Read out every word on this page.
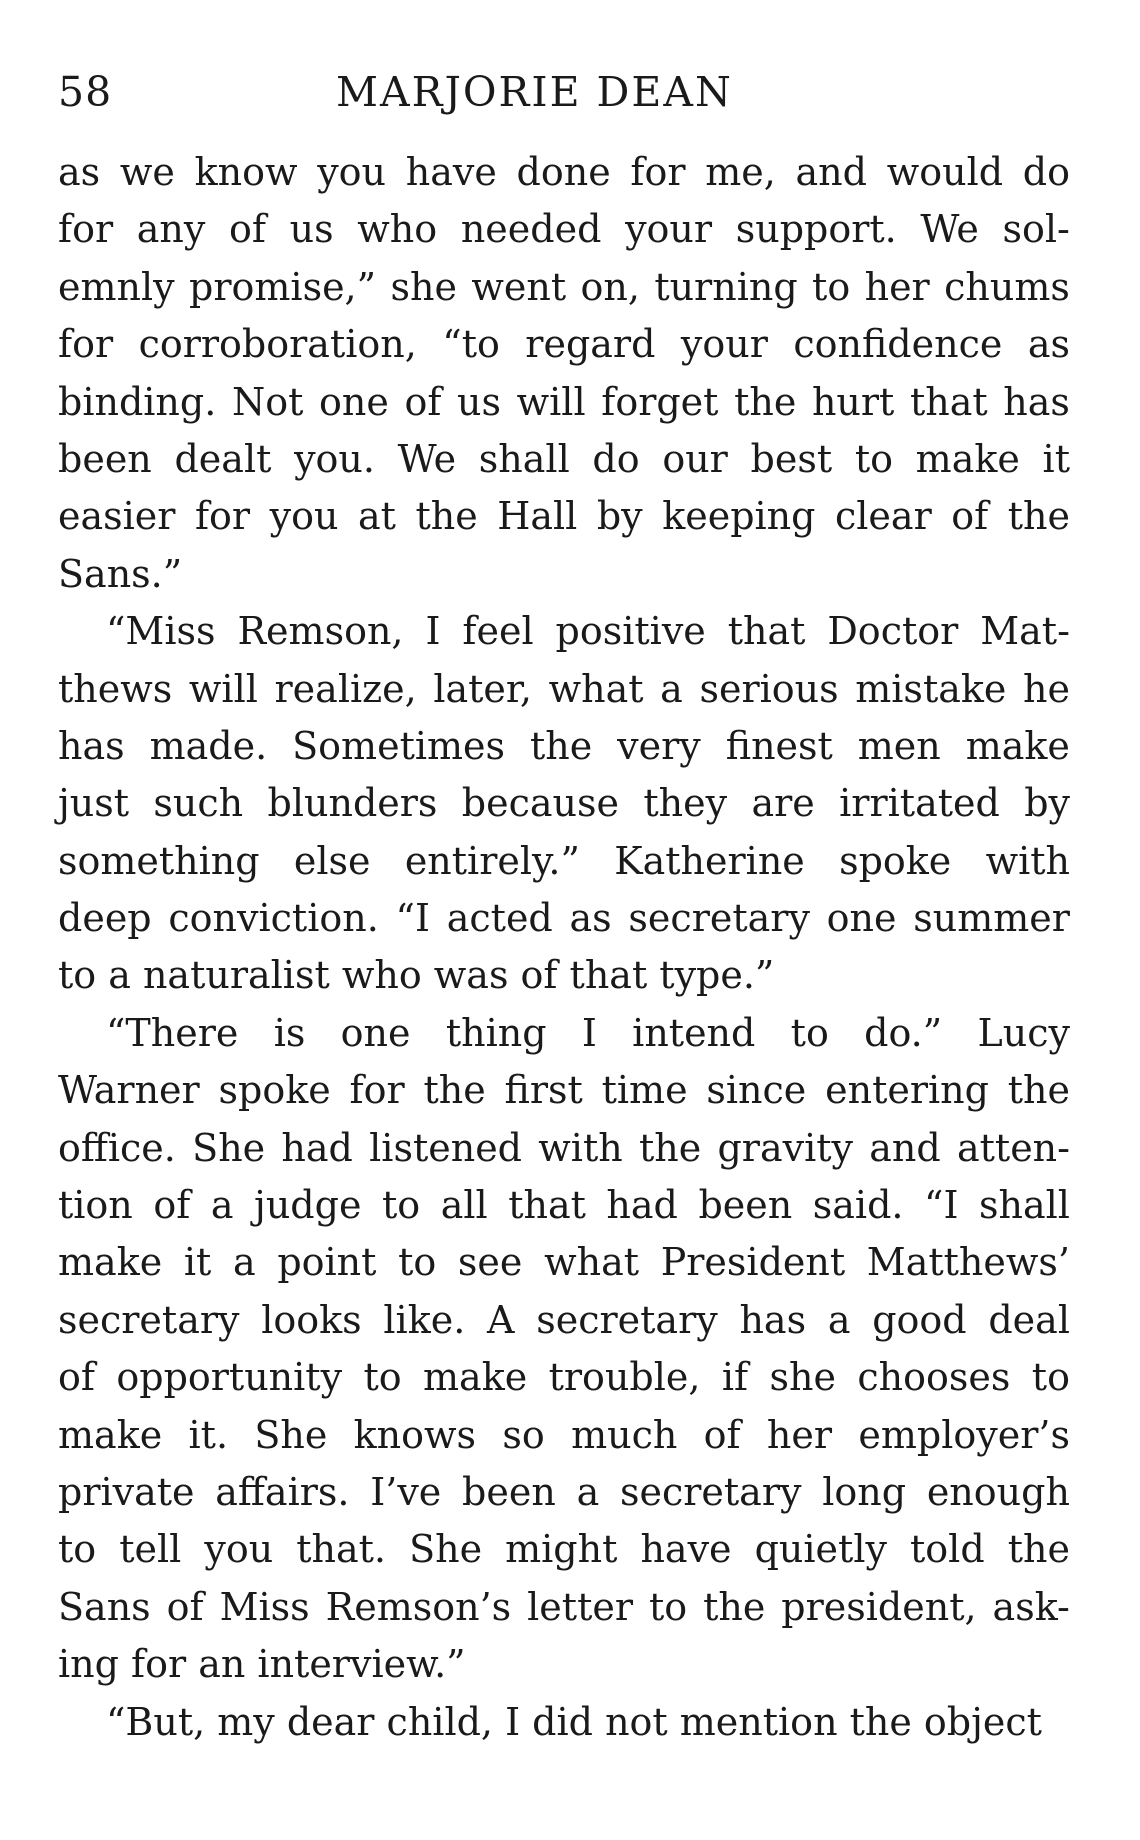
58	MARJORIE DEAN
as we know you have done for me, and would do
for any of us who needed your support. We sol-
emnly promise,” she went on, turning to her chums
for corroboration, “to regard your confidence as
binding. Not one of us will forget the hurt that has
been dealt you. We shall do our best to make it
easier for you at the Hall by keeping clear of the
Sans.”
“Miss Remson, I feel positive that Doctor Mat-
thews will realize, later, what a serious mistake he
has made. Sometimes the very finest men make
just such blunders because they are irritated by
something else entirely.” Katherine spoke with
deep conviction. “I acted as secretary one summer
to a naturalist who was of that type.”
“There is one thing I intend to do.” Lucy
Warner spoke for the first time since entering the
office. She had listened with the gravity and atten-
tion of a judge to all that had been said. “I shall
make it a point to see what President Matthews’
secretary looks like. A secretary has a good deal
of opportunity to make trouble, if she chooses to
make it. She knows so much of her employer’s
private affairs. I’ve been a secretary long enough
to tell you that. She might have quietly told the
Sans of Miss Remson’s letter to the president, ask-
ing for an interview.”
“But, my dear child, I did not mention the object
